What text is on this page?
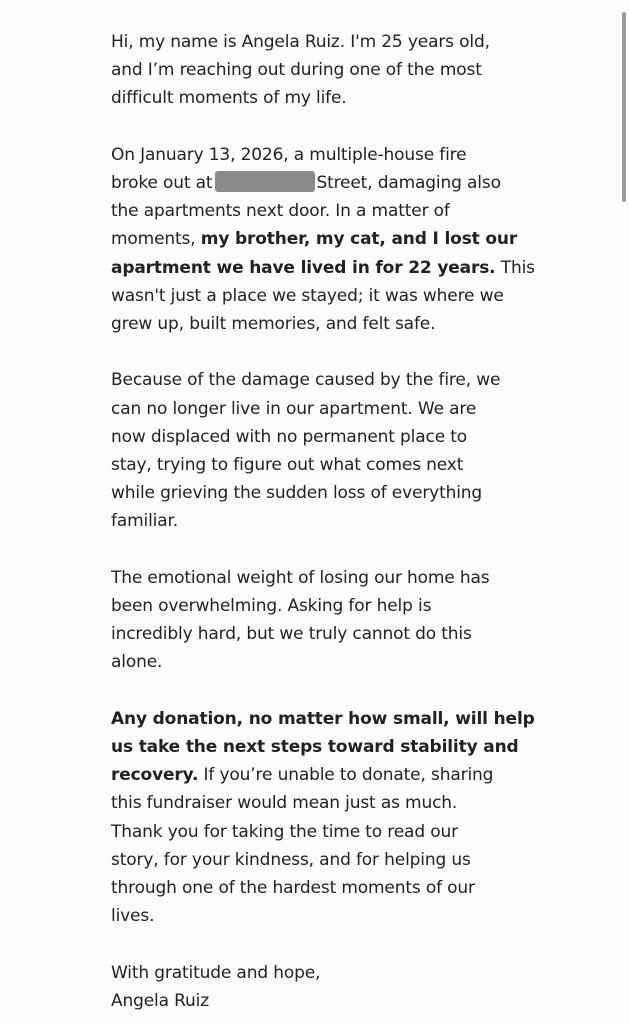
Hi, my name is Angela Ruiz. I'm 25 years old,
and I’m reaching out during one of the most
difficult moments of my life.

On January 13, 2026, a multiple-house fire
broke out at	Street, damaging also
the apartments next door. In a matter of
moments, my brother, my cat, and I lost our
apartment we have lived in for 22 years. This
wasn't just a place we stayed; it was where we
grew up, built memories, and felt safe.

Because of the damage caused by the fire, we
can no longer live in our apartment. We are
now displaced with no permanent place to
stay, trying to figure out what comes next
while grieving the sudden loss of everything
familiar.

The emotional weight of losing our home has
been overwhelming. Asking for help is
incredibly hard, but we truly cannot do this
alone.

Any donation, no matter how small, will help
us take the next steps toward stability and
recovery. If you’re unable to donate, sharing
this fundraiser would mean just as much.
Thank you for taking the time to read our
story, for your kindness, and for helping us
through one of the hardest moments of our
lives.

With gratitude and hope,
Angela Ruiz
